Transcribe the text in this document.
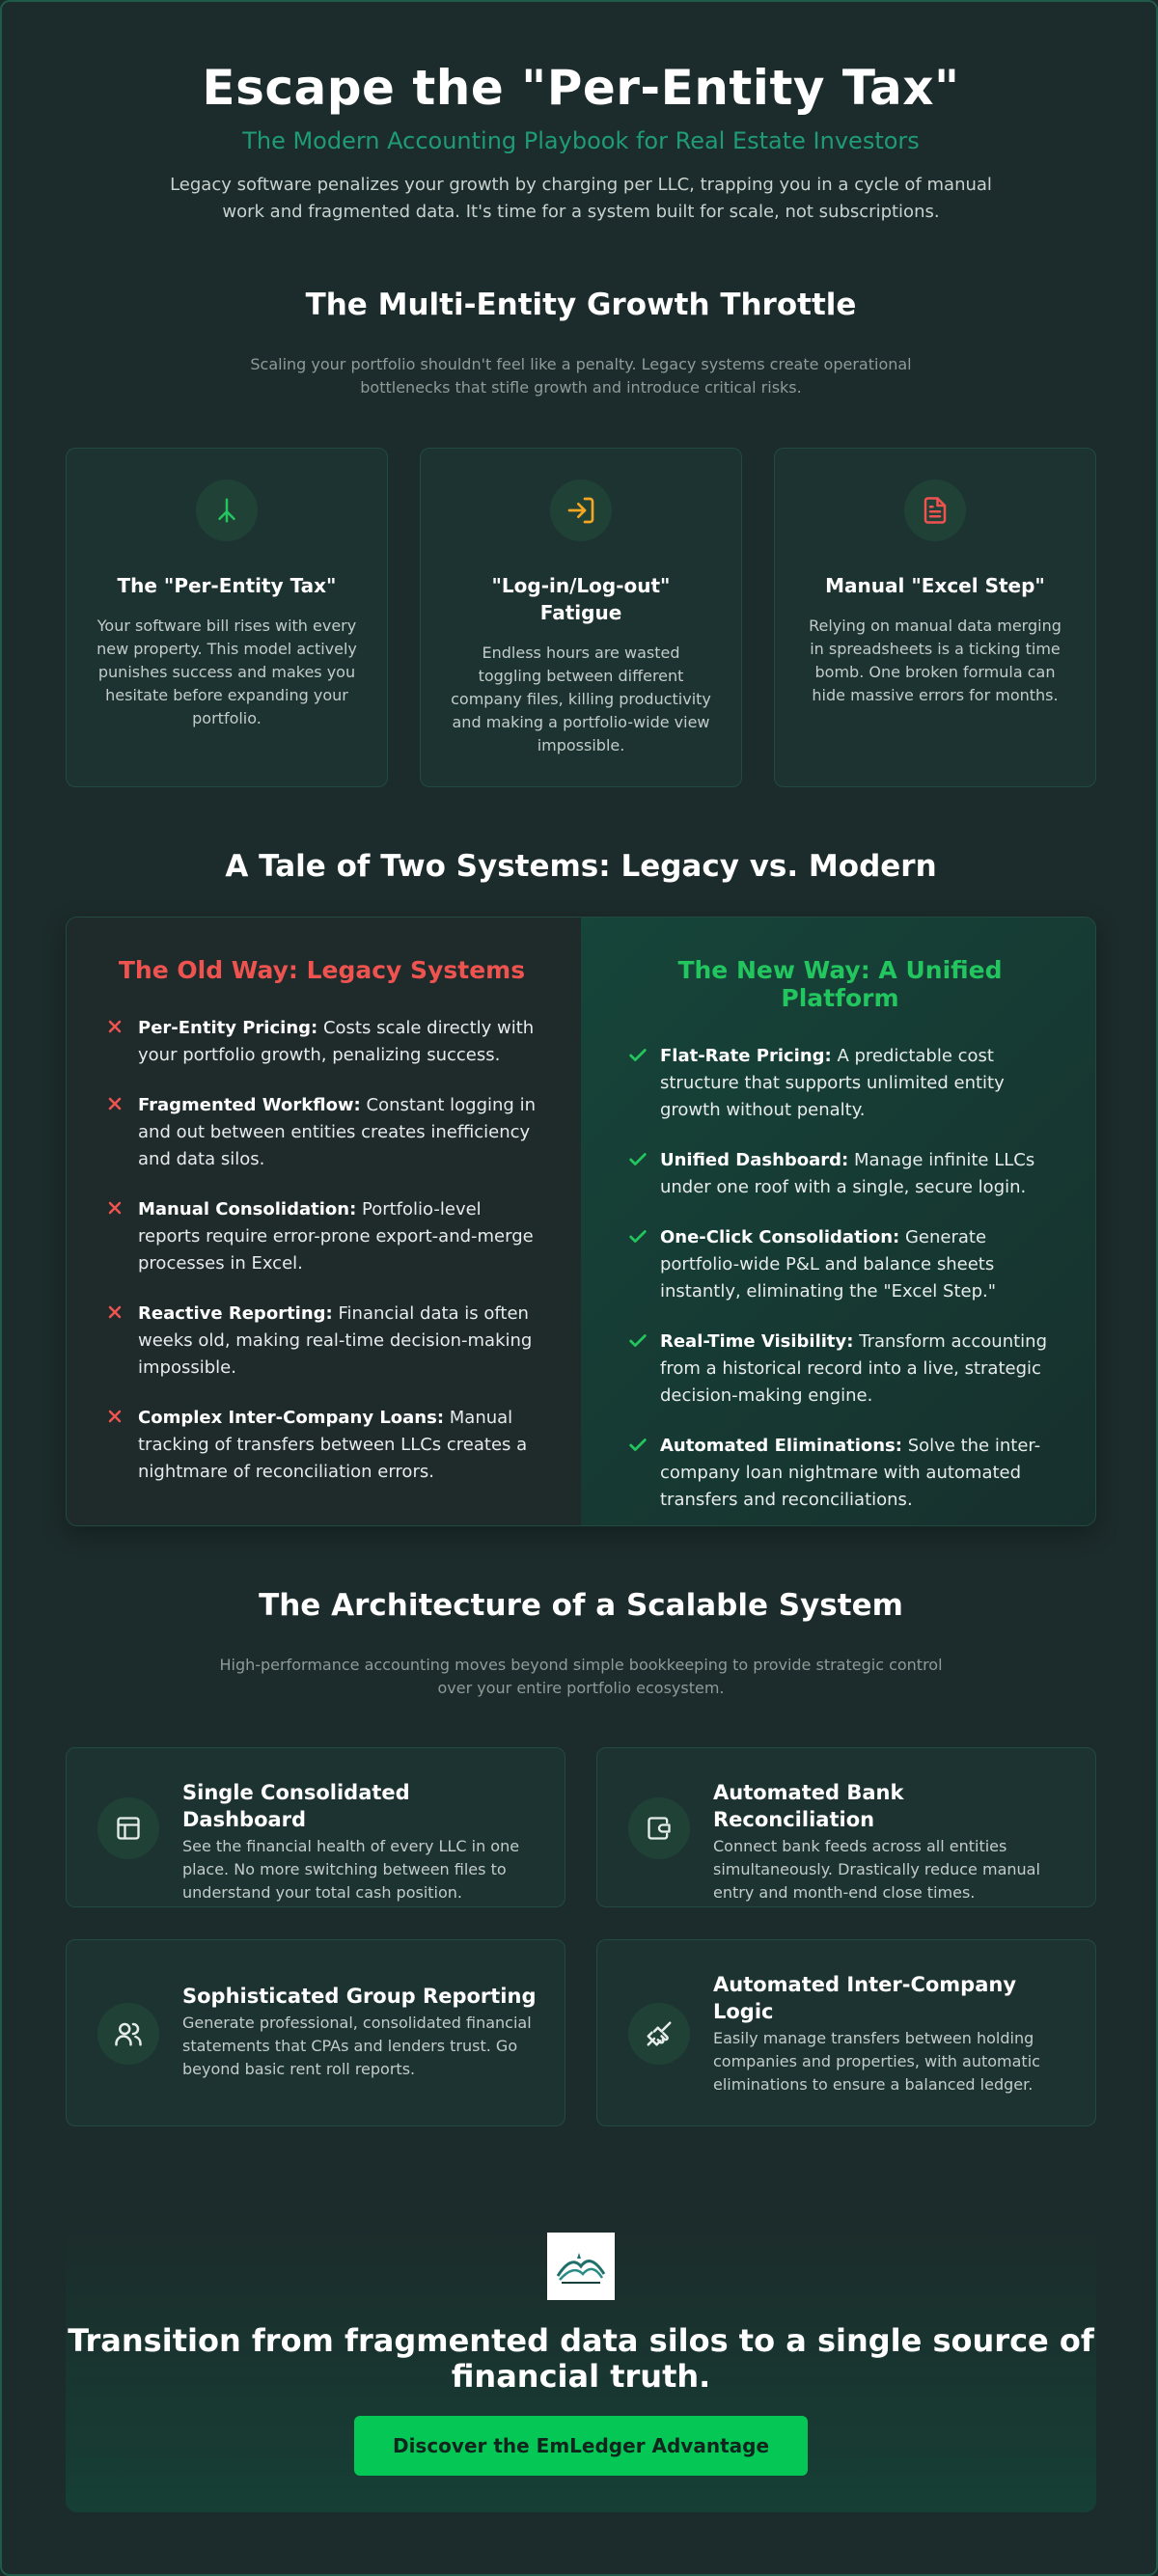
Escape the "Per-Entity Tax"
The Modern Accounting Playbook for Real Estate Investors

Legacy software penalizes your growth by charging per LLC, trapping you in a cycle of manual work and fragmented data. It's time for a system built for scale, not subscriptions.

The Multi-Entity Growth Throttle
Scaling your portfolio shouldn't feel like a penalty. Legacy systems create operational bottlenecks that stifle growth and introduce critical risks.
The "Per-Entity Tax"

Your software bill rises with every new property. This model actively punishes success and makes you hesitate before expanding your portfolio.

"Log-in/Log-out" Fatigue

Endless hours are wasted toggling between different company files, killing productivity and making a portfolio-wide view impossible.

Manual "Excel Step"

Relying on manual data merging in spreadsheets is a ticking time bomb. One broken formula can hide massive errors for months.

A Tale of Two Systems: Legacy vs. Modern
The Old Way: Legacy Systems
Per-Entity Pricing: Costs scale directly with your portfolio growth, penalizing success.
Fragmented Workflow: Constant logging in and out between entities creates inefficiency and data silos.
Manual Consolidation: Portfolio-level reports require error-prone export-and-merge processes in Excel.
Reactive Reporting: Financial data is often weeks old, making real-time decision-making impossible.
Complex Inter-Company Loans: Manual tracking of transfers between LLCs creates a nightmare of reconciliation errors.
The New Way: A Unified Platform
Flat-Rate Pricing: A predictable cost structure that supports unlimited entity growth without penalty.
Unified Dashboard: Manage infinite LLCs under one roof with a single, secure login.
One-Click Consolidation: Generate portfolio-wide P&L and balance sheets instantly, eliminating the "Excel Step."
Real-Time Visibility: Transform accounting from a historical record into a live, strategic decision-making engine.
Automated Eliminations: Solve the inter-company loan nightmare with automated transfers and reconciliations.
The Architecture of a Scalable System
High-performance accounting moves beyond simple bookkeeping to provide strategic control over your entire portfolio ecosystem.
Single Consolidated Dashboard

See the financial health of every LLC in one place. No more switching between files to understand your total cash position.

Automated Bank Reconciliation

Connect bank feeds across all entities simultaneously. Drastically reduce manual entry and month-end close times.

Sophisticated Group Reporting

Generate professional, consolidated financial statements that CPAs and lenders trust. Go beyond basic rent roll reports.

Automated Inter-Company Logic

Easily manage transfers between holding companies and properties, with automatic eliminations to ensure a balanced ledger.

Transition from fragmented data silos to a single source of financial truth.
Discover the EmLedger Advantage
